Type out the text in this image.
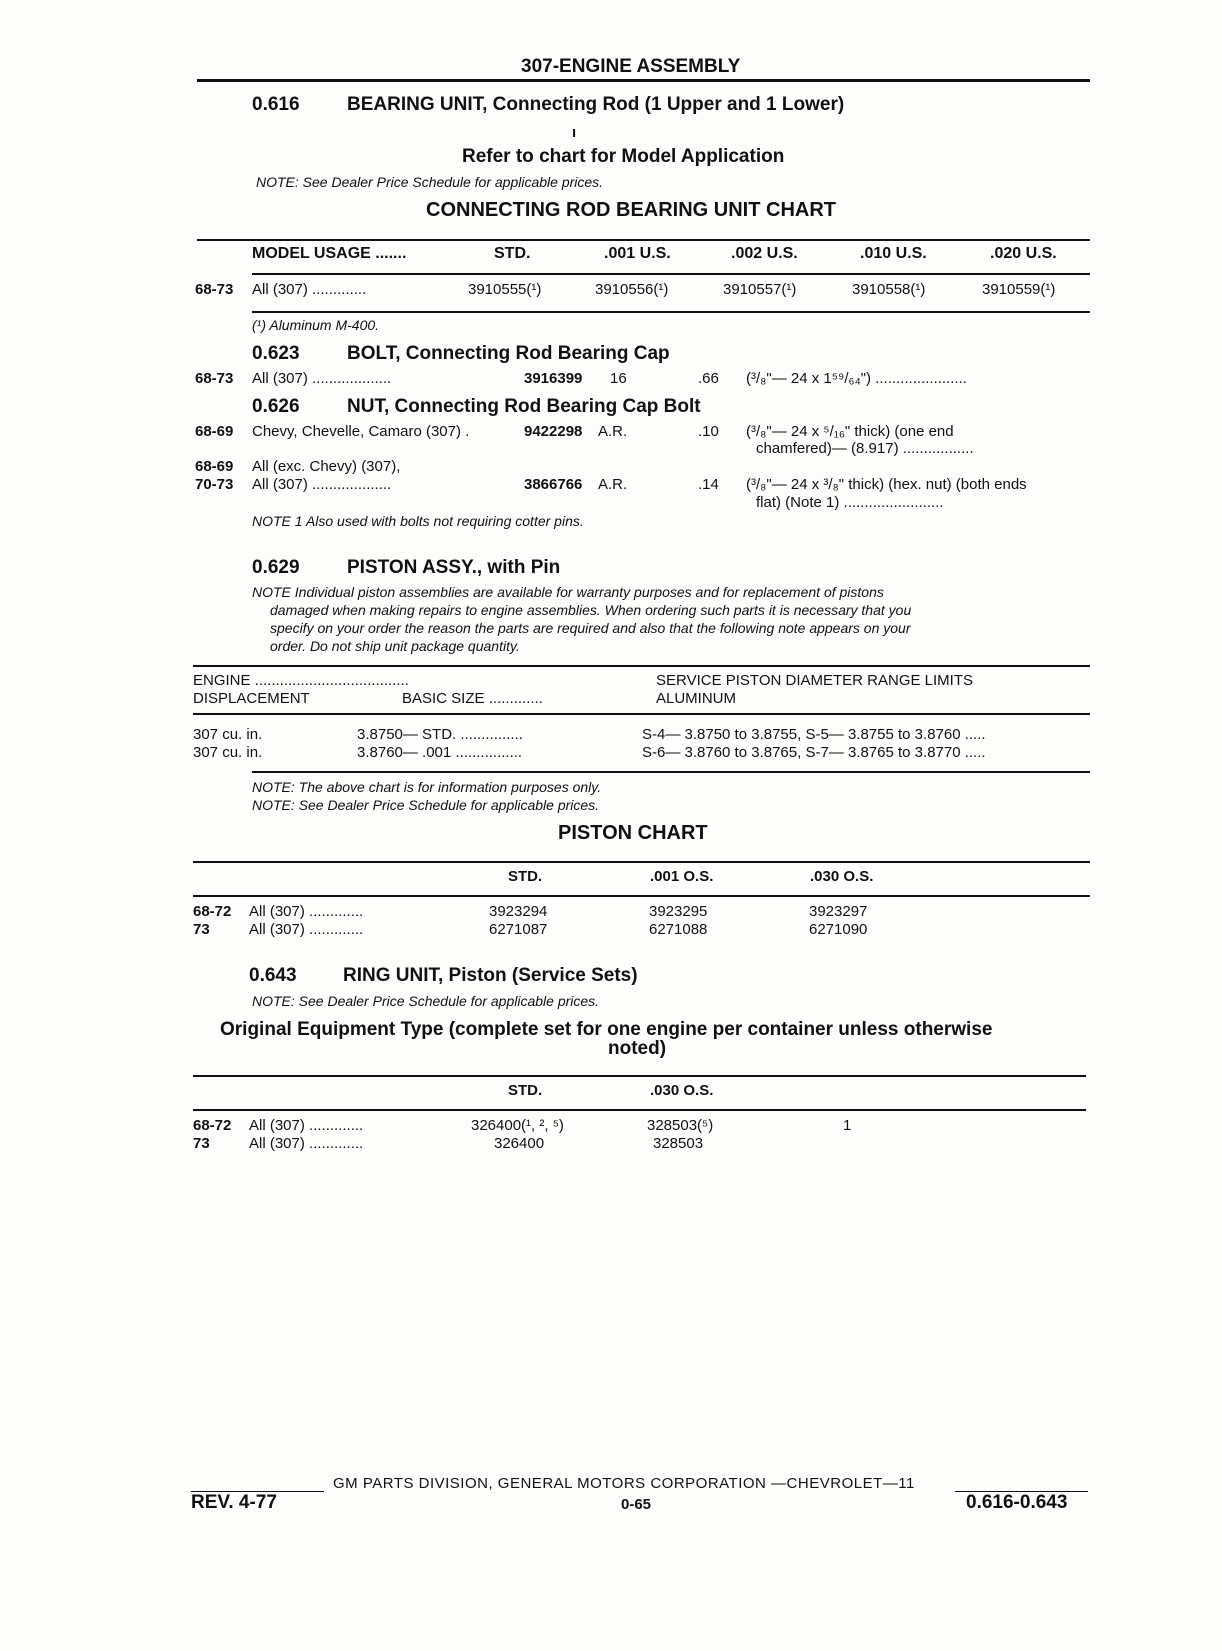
307-ENGINE ASSEMBLY
0.616 BEARING UNIT, Connecting Rod (1 Upper and 1 Lower)
ı
Refer to chart for Model Application
NOTE: See Dealer Price Schedule for applicable prices.
CONNECTING ROD BEARING UNIT CHART
MODEL USAGE .......	STD.	.001 U.S.	.002 U.S.	.010 U.S.	.020 U.S.
68-73 All (307) .............	3910555(¹)	3910556(¹)	3910557(¹)	3910558(¹)	3910559(¹)
(¹) Aluminum M-400.
0.623 BOLT, Connecting Rod Bearing Cap
68-73 All (307) ...................	3916399 16	.66 (³/₈"— 24 x 1⁵⁹/₆₄") ......................
0.626 NUT, Connecting Rod Bearing Cap Bolt
68-69 Chevy, Chevelle, Camaro (307) .	9422298 A.R.	.10 (³/₈"— 24 x ⁵/₁₆" thick) (one end
chamfered)— (8.917) .................
68-69 All (exc. Chevy) (307),
70-73 All (307) ...................	3866766 A.R.	.14 (³/₈"— 24 x ³/₈" thick) (hex. nut) (both ends
flat) (Note 1) ........................
NOTE 1 Also used with bolts not requiring cotter pins.
0.629 PISTON ASSY., with Pin
NOTE Individual piston assemblies are available for warranty purposes and for replacement of pistons
damaged when making repairs to engine assemblies. When ordering such parts it is necessary that you
specify on your order the reason the parts are required and also that the following note appears on your
order. Do not ship unit package quantity.
ENGINE .....................................
DISPLACEMENT	BASIC SIZE .............
SERVICE PISTON DIAMETER RANGE LIMITS
ALUMINUM
307 cu. in.	3.8750— STD. ...............	S-4— 3.8750 to 3.8755, S-5— 3.8755 to 3.8760 .....
307 cu. in.	3.8760— .001 ................	S-6— 3.8760 to 3.8765, S-7— 3.8765 to 3.8770 .....
NOTE: The above chart is for information purposes only.
NOTE: See Dealer Price Schedule for applicable prices.
PISTON CHART
STD.	.001 O.S.	.030 O.S.
68-72 All (307) .............	3923294	3923295	3923297
73	All (307) .............	6271087	6271088	6271090
0.643 RING UNIT, Piston (Service Sets)
NOTE: See Dealer Price Schedule for applicable prices.
Original Equipment Type (complete set for one engine per container unless otherwise
noted)
STD.	.030 O.S.
68-72 All (307) .............	326400(¹, ², ⁵)	328503(⁵)	1
73	All (307) .............	326400	328503
GM PARTS DIVISION, GENERAL MOTORS CORPORATION —CHEVROLET—11
REV. 4-77	0-65	0.616-0.643
